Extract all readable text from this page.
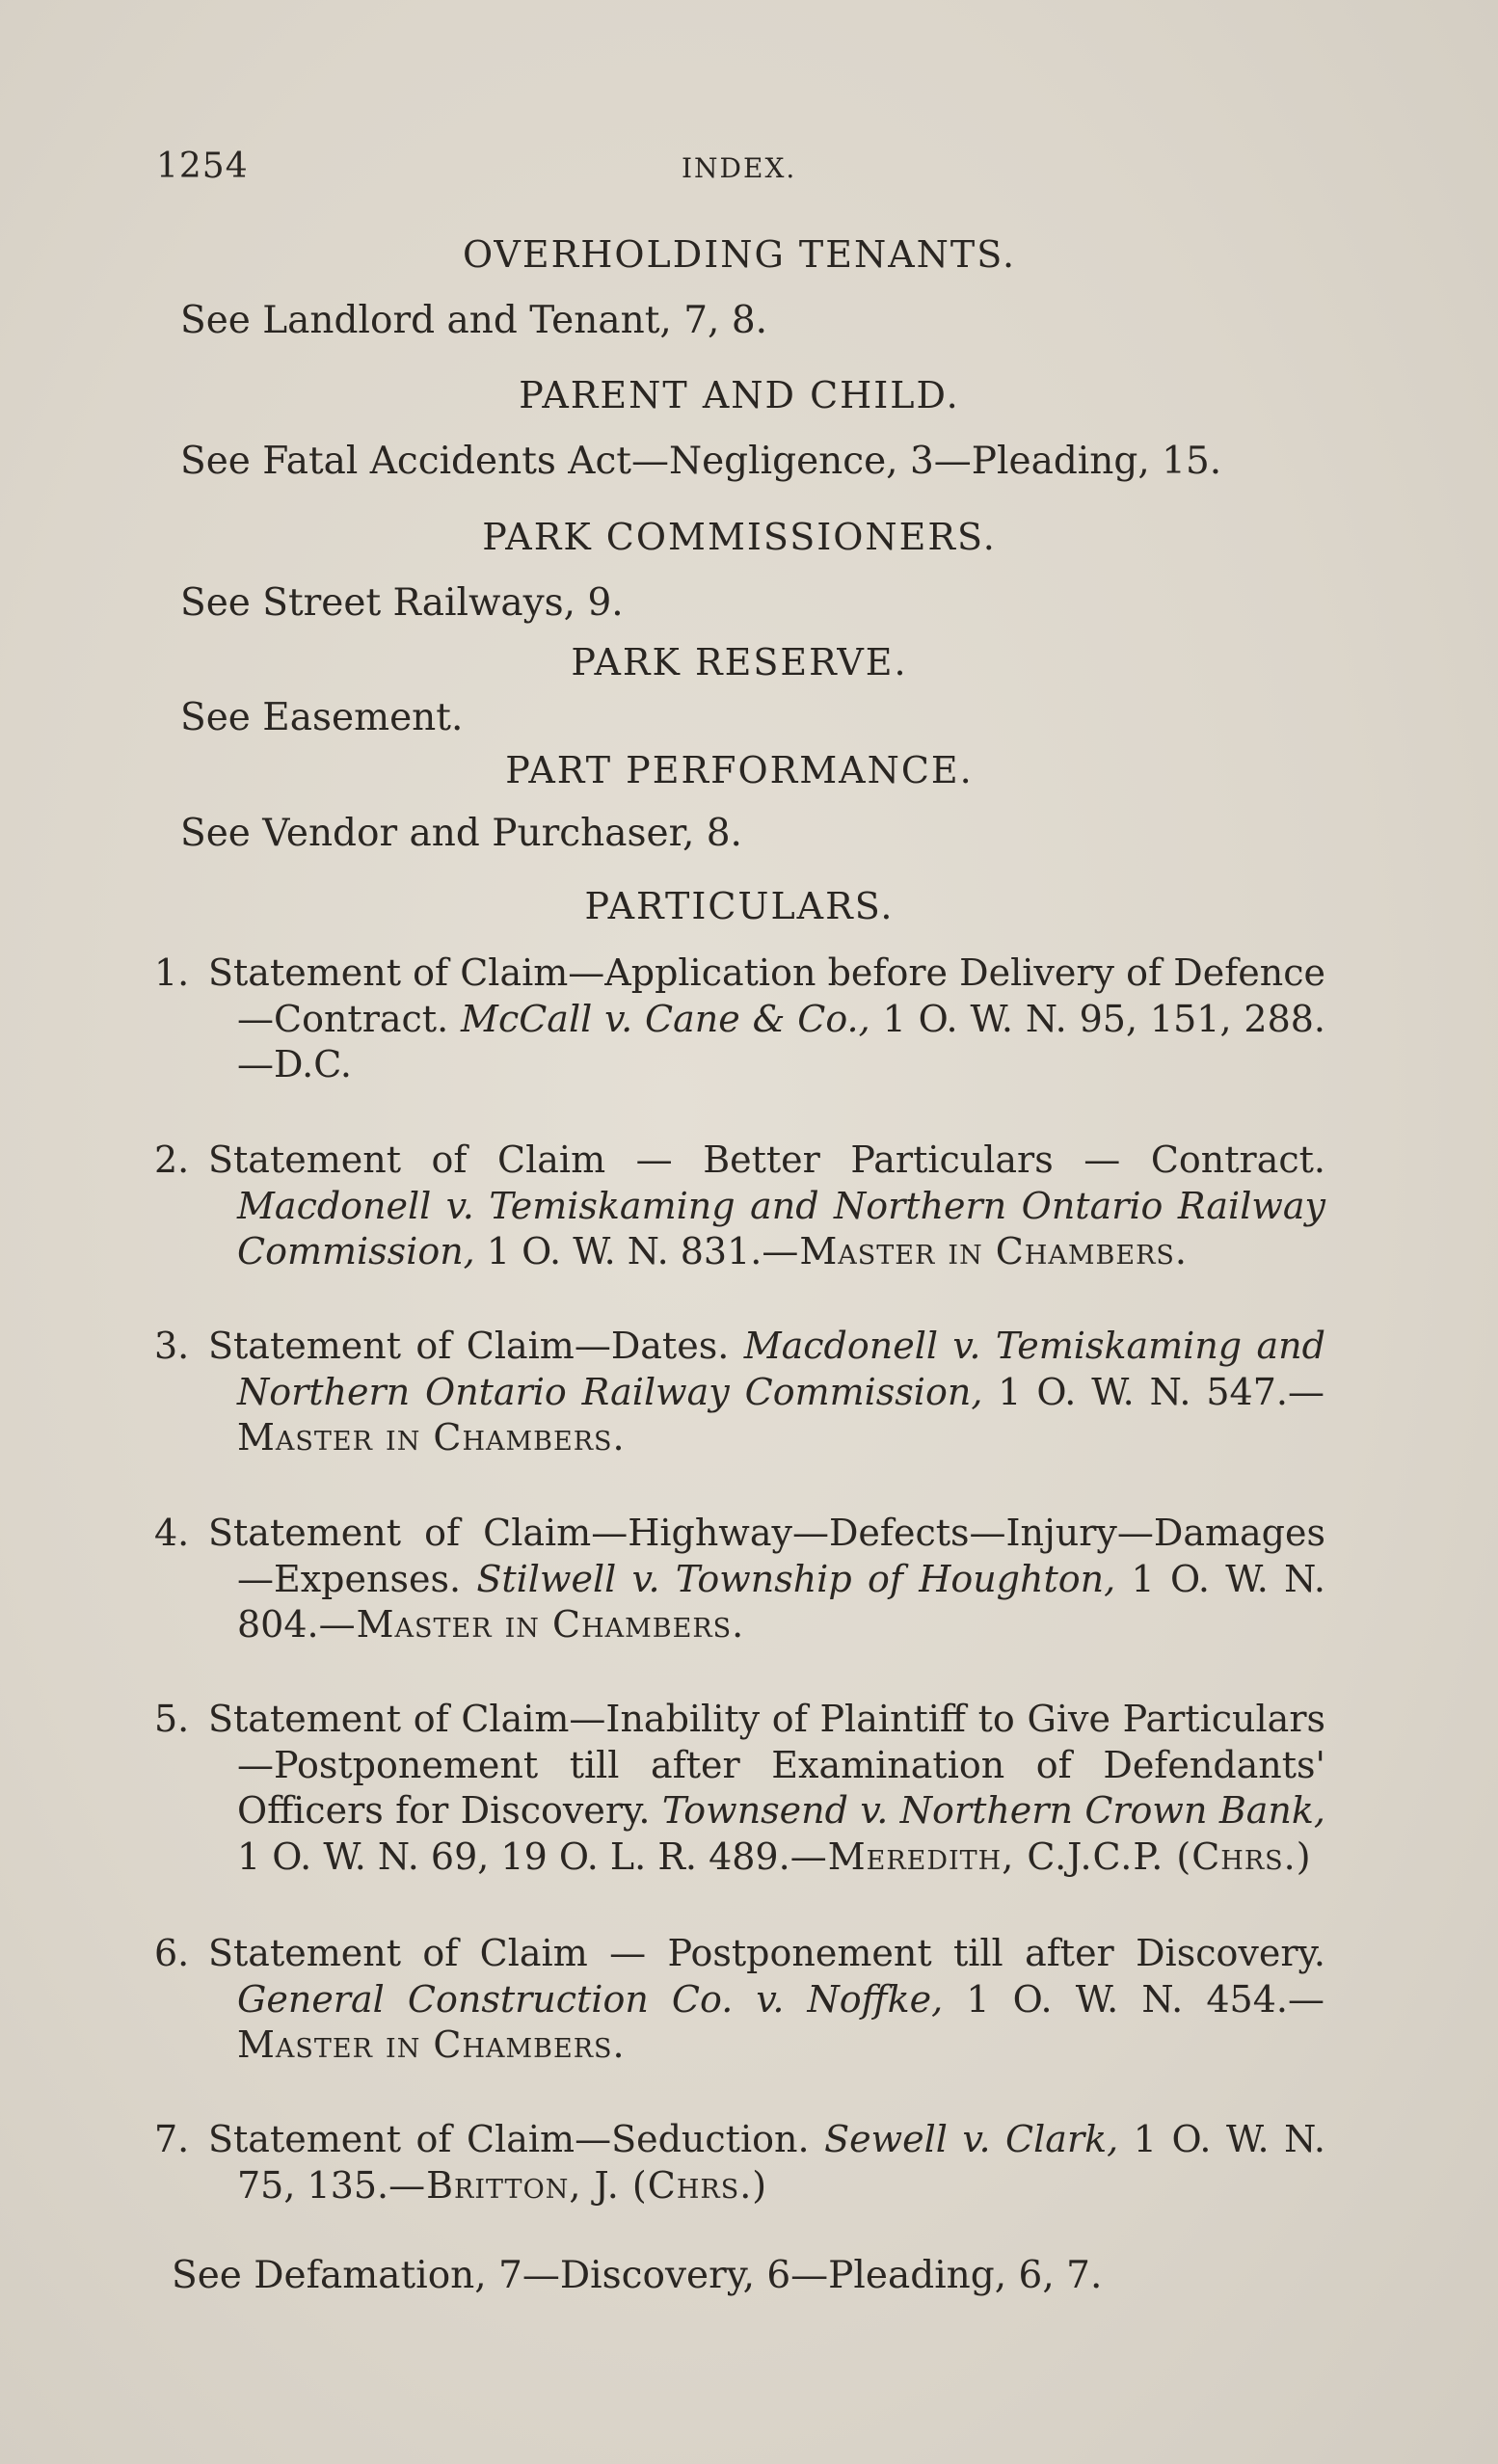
1254	INDEX.
OVERHOLDING TENANTS.
See Landlord and Tenant, 7, 8.
PARENT AND CHILD.
See Fatal Accidents Act—Negligence, 3—Pleading, 15.
PARK COMMISSIONERS.
See Street Railways, 9.
PARK RESERVE.
See Easement.
PART PERFORMANCE.
See Vendor and Purchaser, 8.
PARTICULARS.
1. Statement of Claim—Application before Delivery of Defence—Contract. McCall v. Cane & Co., 1 O. W. N. 95, 151, 288. —D.C.
2. Statement of Claim — Better Particulars — Contract. Macdonell v. Temiskaming and Northern Ontario Railway Commission, 1 O. W. N. 831.—Master in Chambers.
3. Statement of Claim—Dates. Macdonell v. Temiskaming and Northern Ontario Railway Commission, 1 O. W. N. 547.—Master in Chambers.
4. Statement of Claim—Highway—Defects—Injury—Damages—Expenses. Stilwell v. Township of Houghton, 1 O. W. N. 804.—Master in Chambers.
5. Statement of Claim—Inability of Plaintiff to Give Particulars—Postponement till after Examination of Defendants' Officers for Discovery. Townsend v. Northern Crown Bank, 1 O. W. N. 69, 19 O. L. R. 489.—Meredith, C.J.C.P. (Chrs.)
6. Statement of Claim — Postponement till after Discovery. General Construction Co. v. Noffke, 1 O. W. N. 454.—Master in Chambers.
7. Statement of Claim—Seduction. Sewell v. Clark, 1 O. W. N. 75, 135.—Britton, J. (Chrs.)
See Defamation, 7—Discovery, 6—Pleading, 6, 7.
